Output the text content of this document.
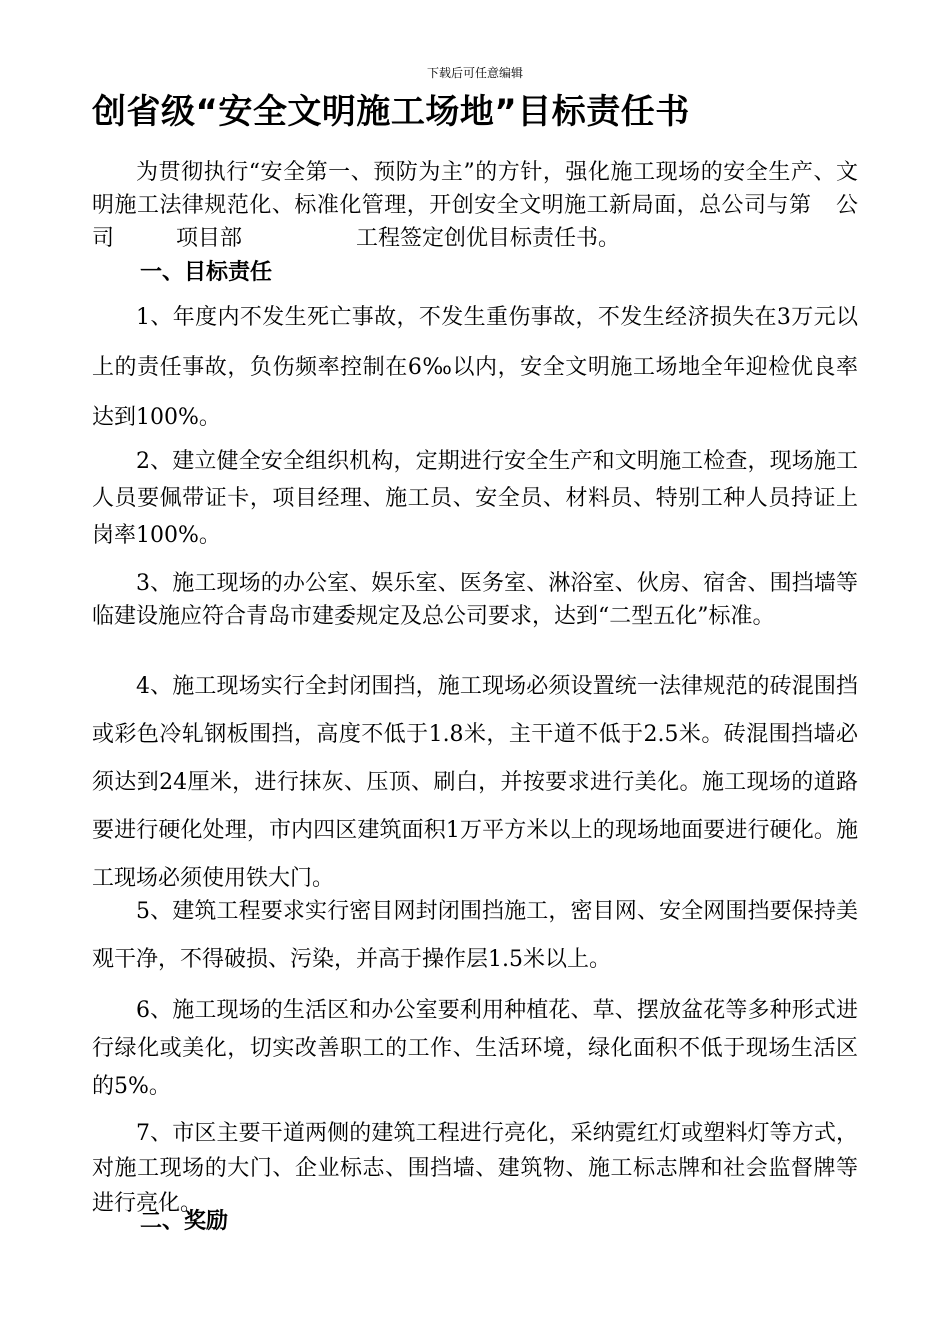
下载后可任意编辑
创省级“安全文明施工场地”目标责任书

为贯彻执行“安全第一、预防为主”的方针，强化施工现场的安全生产、文明施工法律规范化、标准化管理，开创安全文明施工新局面，总公司与第 公司	项目部	工程签定创优目标责任书。

一、目标责任

1、年度内不发生死亡事故，不发生重伤事故，不发生经济损失在3万元以上的责任事故，负伤频率控制在6‰以内，安全文明施工场地全年迎检优良率达到100%。

2、建立健全安全组织机构，定期进行安全生产和文明施工检查，现场施工人员要佩带证卡，项目经理、施工员、安全员、材料员、特别工种人员持证上岗率100%。

3、施工现场的办公室、娱乐室、医务室、淋浴室、伙房、宿舍、围挡墙等临建设施应符合青岛市建委规定及总公司要求，达到“二型五化”标准。

4、施工现场实行全封闭围挡，施工现场必须设置统一法律规范的砖混围挡或彩色冷轧钢板围挡，高度不低于1.8米，主干道不低于2.5米。砖混围挡墙必须达到24厘米，进行抹灰、压顶、刷白，并按要求进行美化。施工现场的道路要进行硬化处理，市内四区建筑面积1万平方米以上的现场地面要进行硬化。施工现场必须使用铁大门。

5、建筑工程要求实行密目网封闭围挡施工，密目网、安全网围挡要保持美观干净，不得破损、污染，并高于操作层1.5米以上。

6、施工现场的生活区和办公室要利用种植花、草、摆放盆花等多种形式进行绿化或美化，切实改善职工的工作、生活环境，绿化面积不低于现场生活区的5%。

7、市区主要干道两侧的建筑工程进行亮化，采纳霓红灯或塑料灯等方式，对施工现场的大门、企业标志、围挡墙、建筑物、施工标志牌和社会监督牌等进行亮化。

二、奖励
